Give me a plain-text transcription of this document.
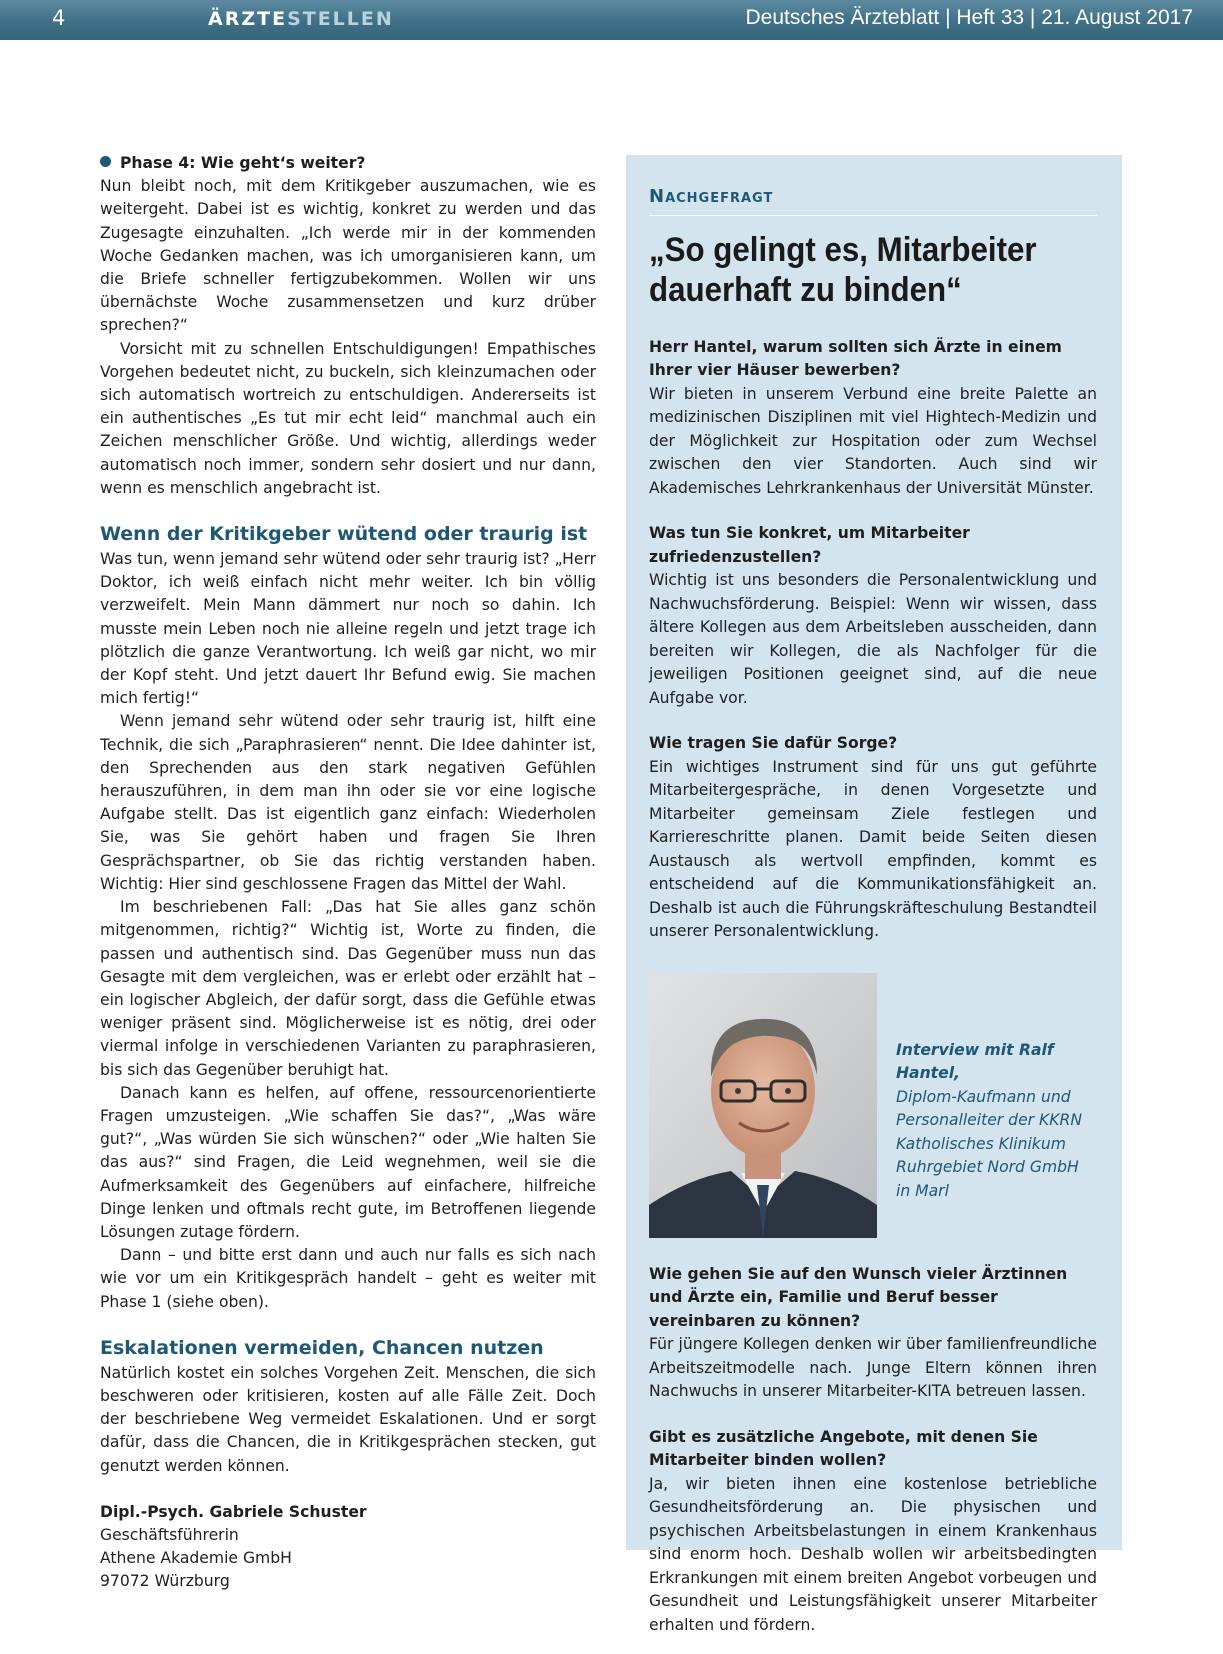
4	ÄRZTESTELLEN	Deutsches Ärzteblatt | Heft 33 | 21. August 2017

Phase 4: Wie geht‘s weiter?

Nun bleibt noch, mit dem Kritikgeber auszumachen, wie es weitergeht. Dabei ist es wichtig, konkret zu werden und das Zugesagte einzuhalten. „Ich werde mir in der kommenden Woche Gedanken machen, was ich umorganisieren kann, um die Briefe schneller fertigzubekommen. Wollen wir uns übernächste Woche zusammensetzen und kurz drüber sprechen?“

Vorsicht mit zu schnellen Entschuldigungen! Empathisches Vorgehen bedeutet nicht, zu buckeln, sich kleinzumachen oder sich automatisch wortreich zu entschuldigen. Andererseits ist ein authentisches „Es tut mir echt leid“ manchmal auch ein Zeichen menschlicher Größe. Und wichtig, allerdings weder automatisch noch immer, sondern sehr dosiert und nur dann, wenn es menschlich angebracht ist.

Wenn der Kritikgeber wütend oder traurig ist

Was tun, wenn jemand sehr wütend oder sehr traurig ist? „Herr Doktor, ich weiß einfach nicht mehr weiter. Ich bin völlig verzweifelt. Mein Mann dämmert nur noch so dahin. Ich musste mein Leben noch nie alleine regeln und jetzt trage ich plötzlich die ganze Verantwortung. Ich weiß gar nicht, wo mir der Kopf steht. Und jetzt dauert Ihr Befund ewig. Sie machen mich fertig!“

Wenn jemand sehr wütend oder sehr traurig ist, hilft eine Technik, die sich „Paraphrasieren“ nennt. Die Idee dahinter ist, den Sprechenden aus den stark negativen Gefühlen herauszuführen, in dem man ihn oder sie vor eine logische Aufgabe stellt. Das ist eigentlich ganz einfach: Wiederholen Sie, was Sie gehört haben und fragen Sie Ihren Gesprächspartner, ob Sie das richtig verstanden haben. Wichtig: Hier sind geschlossene Fragen das Mittel der Wahl.

Im beschriebenen Fall: „Das hat Sie alles ganz schön mitgenommen, richtig?“ Wichtig ist, Worte zu finden, die passen und authentisch sind. Das Gegenüber muss nun das Gesagte mit dem vergleichen, was er erlebt oder erzählt hat – ein logischer Abgleich, der dafür sorgt, dass die Gefühle etwas weniger präsent sind. Möglicherweise ist es nötig, drei oder viermal infolge in verschiedenen Varianten zu paraphrasieren, bis sich das Gegenüber beruhigt hat.

Danach kann es helfen, auf offene, ressourcenorientierte Fragen umzusteigen. „Wie schaffen Sie das?“, „Was wäre gut?“, „Was würden Sie sich wünschen?“ oder „Wie halten Sie das aus?“ sind Fragen, die Leid wegnehmen, weil sie die Aufmerksamkeit des Gegenübers auf einfachere, hilfreiche Dinge lenken und oftmals recht gute, im Betroffenen liegende Lösungen zutage fördern.

Dann – und bitte erst dann und auch nur falls es sich nach wie vor um ein Kritikgespräch handelt – geht es weiter mit Phase 1 (siehe oben).

Eskalationen vermeiden, Chancen nutzen

Natürlich kostet ein solches Vorgehen Zeit. Menschen, die sich beschweren oder kritisieren, kosten auf alle Fälle Zeit. Doch der beschriebene Weg vermeidet Eskalationen. Und er sorgt dafür, dass die Chancen, die in Kritikgesprächen stecken, gut genutzt werden können.

Dipl.-Psych. Gabriele Schuster

Geschäftsführerin

Athene Akademie GmbH

97072 Würzburg

Nachgefragt
„So gelingt es, Mitarbeiter
dauerhaft zu binden“

Herr Hantel, warum sollten sich Ärzte in einem Ihrer vier Häuser bewerben?

Wir bieten in unserem Verbund eine breite Palette an medizinischen Disziplinen mit viel Hightech-Medizin und der Möglichkeit zur Hospitation oder zum Wechsel zwischen den vier Standorten. Auch sind wir Akademisches Lehrkrankenhaus der Universität Münster.

Was tun Sie konkret, um Mitarbeiter zufriedenzustellen?

Wichtig ist uns besonders die Personalentwicklung und Nachwuchsförderung. Beispiel: Wenn wir wissen, dass ältere Kollegen aus dem Arbeitsleben ausscheiden, dann bereiten wir Kollegen, die als Nachfolger für die jeweiligen Positionen geeignet sind, auf die neue Aufgabe vor.

Wie tragen Sie dafür Sorge?

Ein wichtiges Instrument sind für uns gut geführte Mitarbeitergespräche, in denen Vorgesetzte und Mitarbeiter gemeinsam Ziele festlegen und Karriereschritte planen. Damit beide Seiten diesen Austausch als wertvoll empfinden, kommt es entscheidend auf die Kommunikationsfähigkeit an. Deshalb ist auch die Führungskräfteschulung Bestandteil unserer Personalentwicklung.

Interview mit Ralf Hantel,
Diplom-Kaufmann und
Personalleiter der KKRN
Katholisches Klinikum
Ruhrgebiet Nord GmbH
in Marl

Wie gehen Sie auf den Wunsch vieler Ärztinnen und Ärzte ein, Familie und Beruf besser vereinbaren zu können?

Für jüngere Kollegen denken wir über familienfreundliche Arbeitszeitmodelle nach. Junge Eltern können ihren Nachwuchs in unserer Mitarbeiter-KITA betreuen lassen.

Gibt es zusätzliche Angebote, mit denen Sie Mitarbeiter binden wollen?

Ja, wir bieten ihnen eine kostenlose betriebliche Gesundheitsförderung an. Die physischen und psychischen Arbeitsbelastungen in einem Krankenhaus sind enorm hoch. Deshalb wollen wir arbeitsbedingten Erkrankungen mit einem breiten Angebot vorbeugen und Gesundheit und Leistungsfähigkeit unserer Mitarbeiter erhalten und fördern.
